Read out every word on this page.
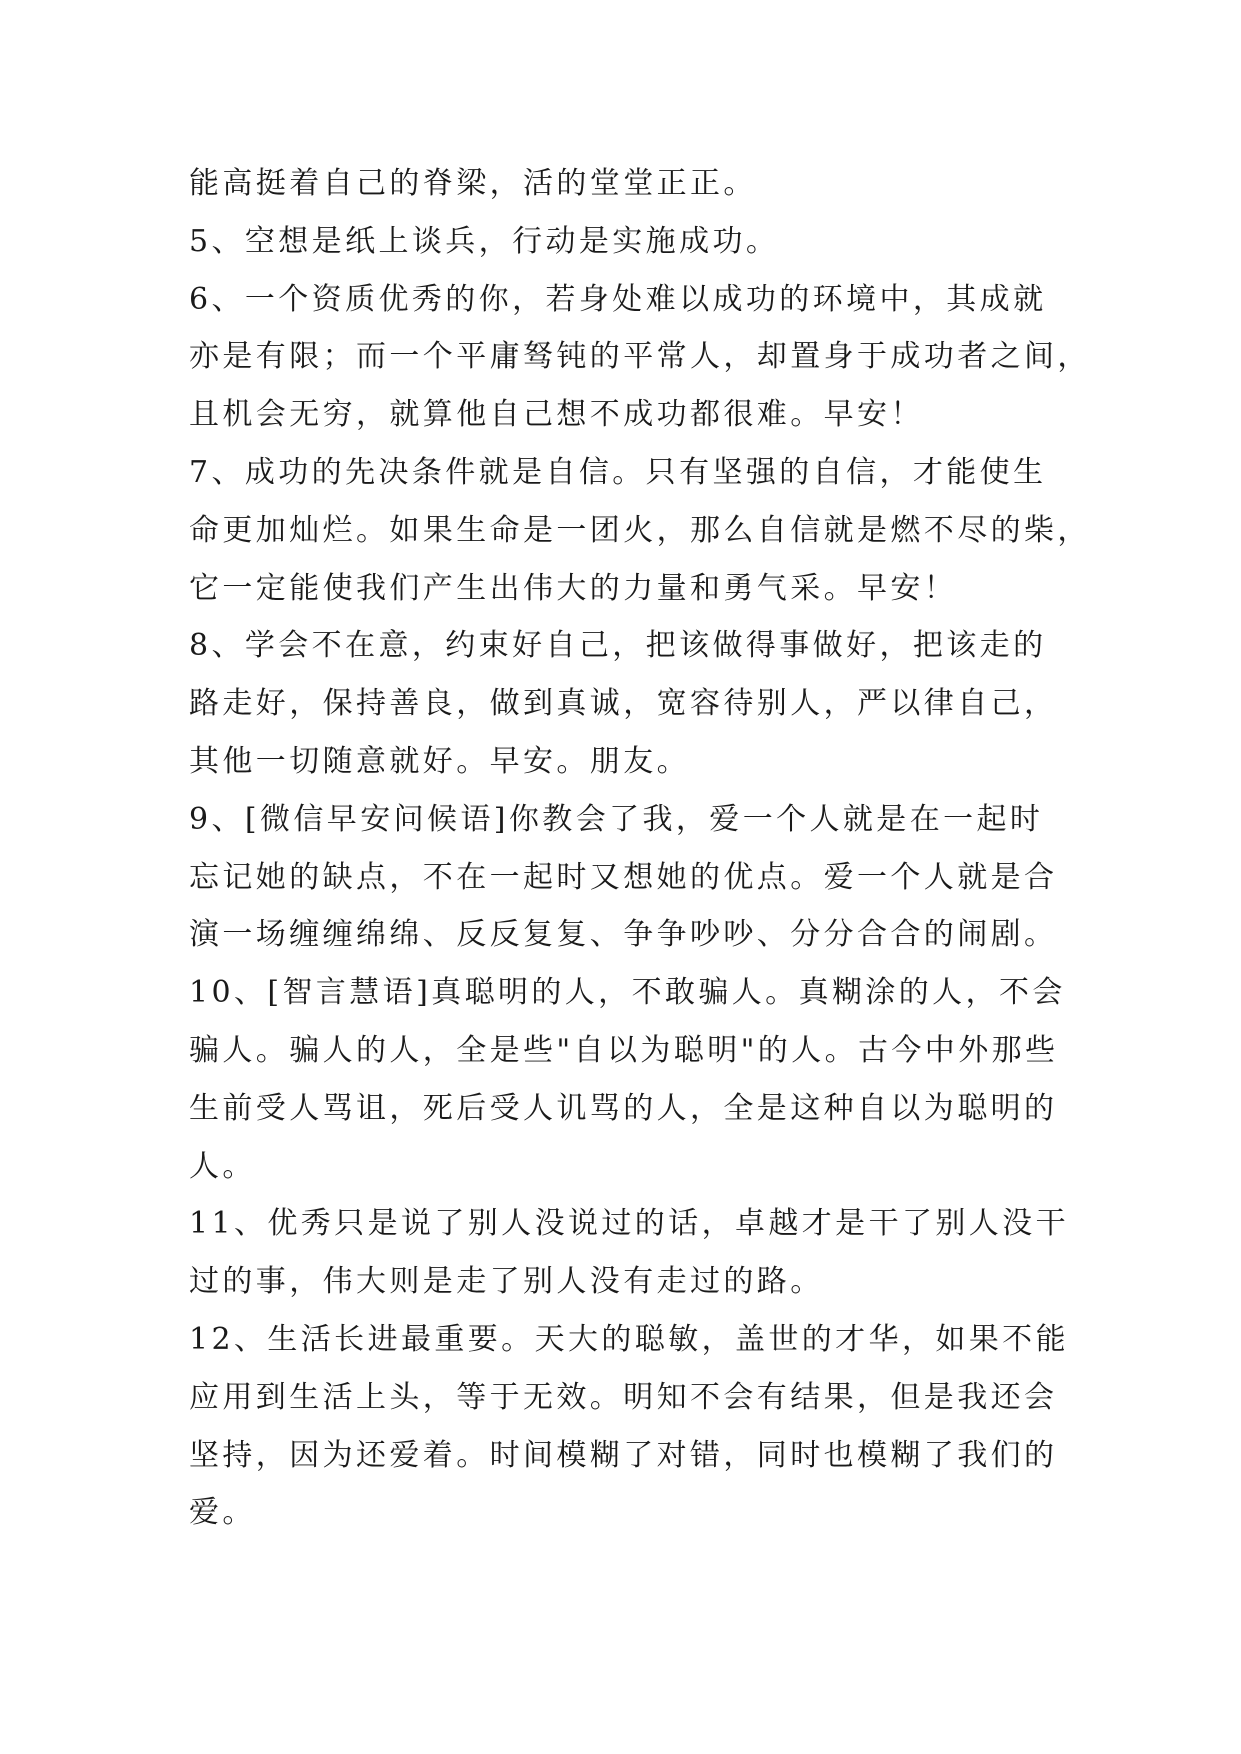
能高挺着自己的脊梁，活的堂堂正正。
5、空想是纸上谈兵，行动是实施成功。
6、一个资质优秀的你，若身处难以成功的环境中，其成就
亦是有限；而一个平庸驽钝的平常人，却置身于成功者之间，
且机会无穷，就算他自己想不成功都很难。早安！
7、成功的先决条件就是自信。只有坚强的自信，才能使生
命更加灿烂。如果生命是一团火，那么自信就是燃不尽的柴，
它一定能使我们产生出伟大的力量和勇气采。早安！
8、学会不在意，约束好自己，把该做得事做好，把该走的
路走好，保持善良，做到真诚，宽容待别人，严以律自己，
其他一切随意就好。早安。朋友。
9、[微信早安问候语]你教会了我，爱一个人就是在一起时
忘记她的缺点，不在一起时又想她的优点。爱一个人就是合
演一场缠缠绵绵、反反复复、争争吵吵、分分合合的闹剧。
10、[智言慧语]真聪明的人，不敢骗人。真糊涂的人，不会
骗人。骗人的人，全是些"自以为聪明"的人。古今中外那些
生前受人骂诅，死后受人讥骂的人，全是这种自以为聪明的
人。
11、优秀只是说了别人没说过的话，卓越才是干了别人没干
过的事，伟大则是走了别人没有走过的路。
12、生活长进最重要。天大的聪敏，盖世的才华，如果不能
应用到生活上头，等于无效。明知不会有结果，但是我还会
坚持，因为还爱着。时间模糊了对错，同时也模糊了我们的
爱。
